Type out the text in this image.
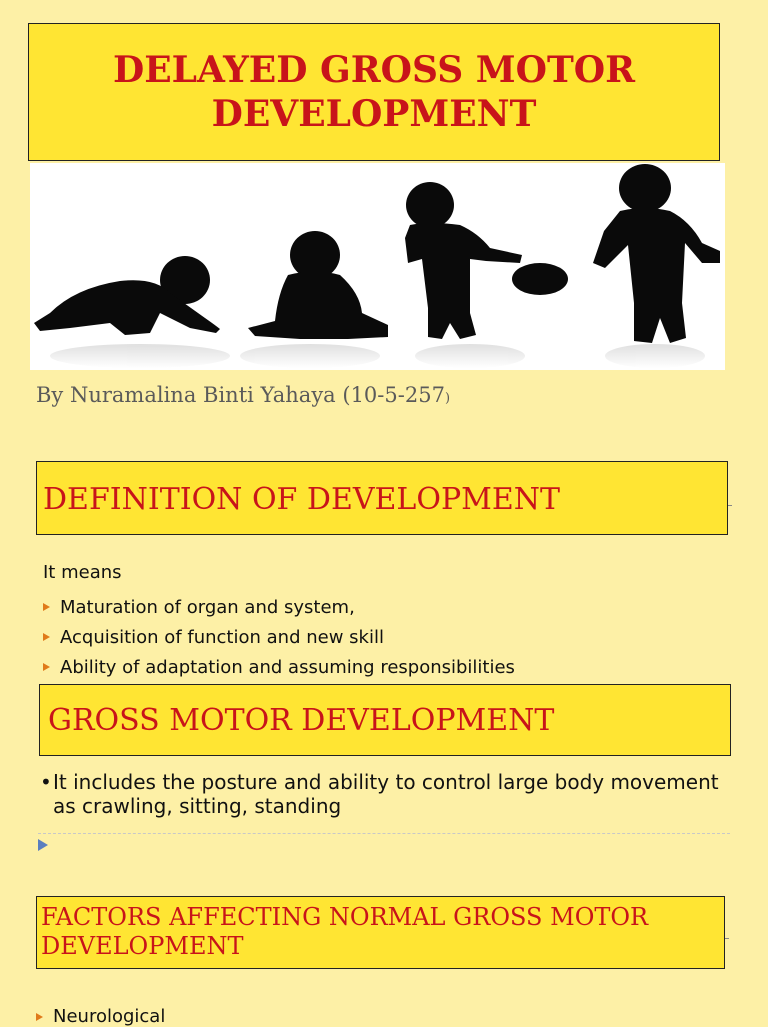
DELAYED GROSS MOTOR DEVELOPMENT
By Nuramalina Binti Yahaya (10-5-257)
DEFINITION OF DEVELOPMENT
It means
Maturation of organ and system,
Acquisition of function and new skill
Ability of adaptation and assuming responsibilities
GROSS MOTOR DEVELOPMENT
• It includes the posture and ability to control large body movement as crawling, sitting, standing
FACTORS AFFECTING NORMAL GROSS MOTOR DEVELOPMENT
Neurological
